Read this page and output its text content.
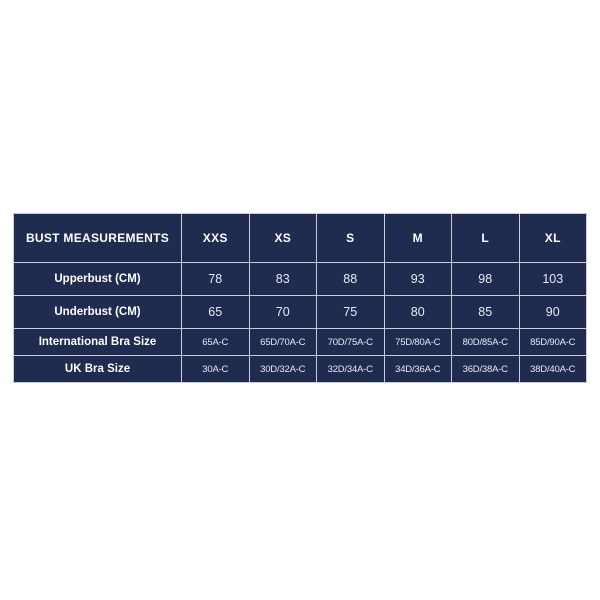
BUST MEASUREMENTS	XXS	XS	S	M	L	XL
Upperbust (CM)	78	83	88	93	98	103
Underbust (CM)	65	70	75	80	85	90
International Bra Size	65A-C	65D/70A-C	70D/75A-C	75D/80A-C	80D/85A-C	85D/90A-C
UK Bra Size	30A-C	30D/32A-C	32D/34A-C	34D/36A-C	36D/38A-C	38D/40A-C
